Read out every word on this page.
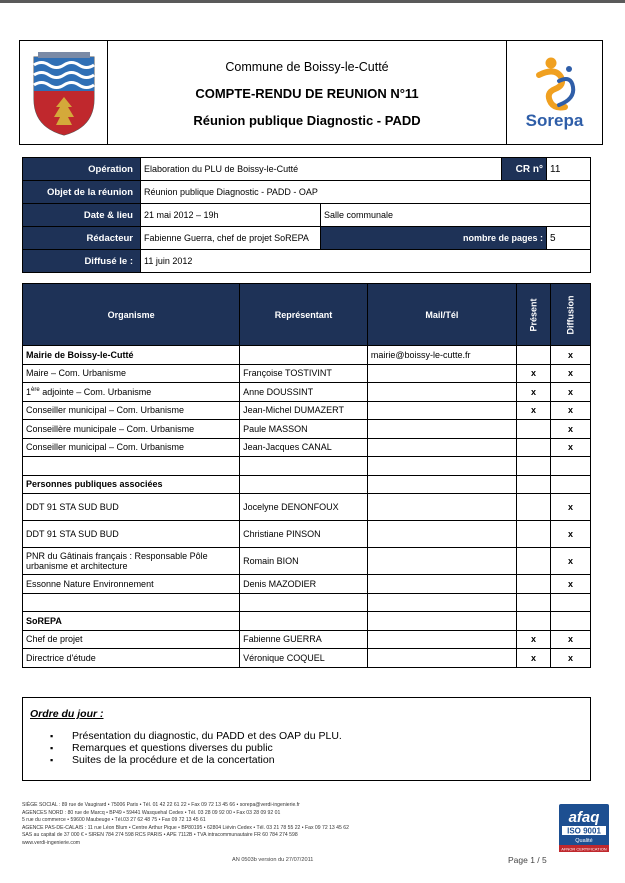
Commune de Boissy-le-Cutté
COMPTE-RENDU DE REUNION N°11
Réunion publique Diagnostic - PADD	Sorepa
Opération	Elaboration du PLU de Boissy-le-Cutté		CR n°	11
Objet de la réunion	Réunion publique Diagnostic - PADD - OAP			
Date & lieu	21 mai 2012 – 19h	Salle communale		
Rédacteur	Fabienne Guerra, chef de projet SoREPA	nombre de pages :		5
Diffusé le :	11 juin 2012			
Organisme	Représentant	Mail/Tél	Présent	Diffusion
Mairie de Boissy-le-Cutté		mairie@boissy-le-cutte.fr		x
Maire – Com. Urbanisme	Françoise TOSTIVINT		x	x
1ère adjointe – Com. Urbanisme	Anne DOUSSINT		x	x
Conseiller municipal – Com. Urbanisme	Jean-Michel DUMAZERT		x	x
Conseillère municipale – Com. Urbanisme	Paule MASSON			x
Conseiller municipal – Com. Urbanisme	Jean-Jacques CANAL			x

Personnes publiques associées				
DDT 91 STA SUD BUD	Jocelyne DENONFOUX			x
DDT 91 STA SUD BUD	Christiane PINSON			x
PNR du Gâtinais français : Responsable Pôle urbanisme et architecture	Romain BION			x
Essonne Nature Environnement	Denis MAZODIER			x

SoREPA				
Chef de projet	Fabienne GUERRA		x	x
Directrice d'étude	Véronique COQUEL		x	x
Ordre du jour :
▪ Présentation du diagnostic, du PADD et des OAP du PLU.
▪ Remarques et questions diverses du public
▪ Suites de la procédure et de la concertation
SIÈGE SOCIAL : 89 rue de Vaugirard • 75006 Paris • Tél. 01 42 22 61 22 • Fax 09 72 13 45 66 • sorepa@verdi-ingenierie.fr
AGENCES NORD : 80 rue de Marcq • BP49 • 59441 Wasquehal Cedex • Tél. 03 28 09 92 00 • Fax 03 28 09 92 01
5 rue du commerce • 59600 Maubeuge • Tél.03 27 62 48 75 • Fax 09 72 13 45 61
AGENCE PAS-DE-CALAIS : 11 rue Léon Blum • Centre Arthur Pique • BP80195 • 62804 Liévin Cedex • Tél. 03 21 78 55 22 • Fax 09 72 13 45 62
SAS au capital de 37 000 € • SIREN 784 274 598 RCS PARIS • APE 7112B • TVA intracommunautaire FR 60 784 274 598
www.verdi-ingenierie.com
AN 0503b version du 27/07/2011	Page 1 / 5
afaq
ISO 9001
Qualité
AFNOR CERTIFICATION
